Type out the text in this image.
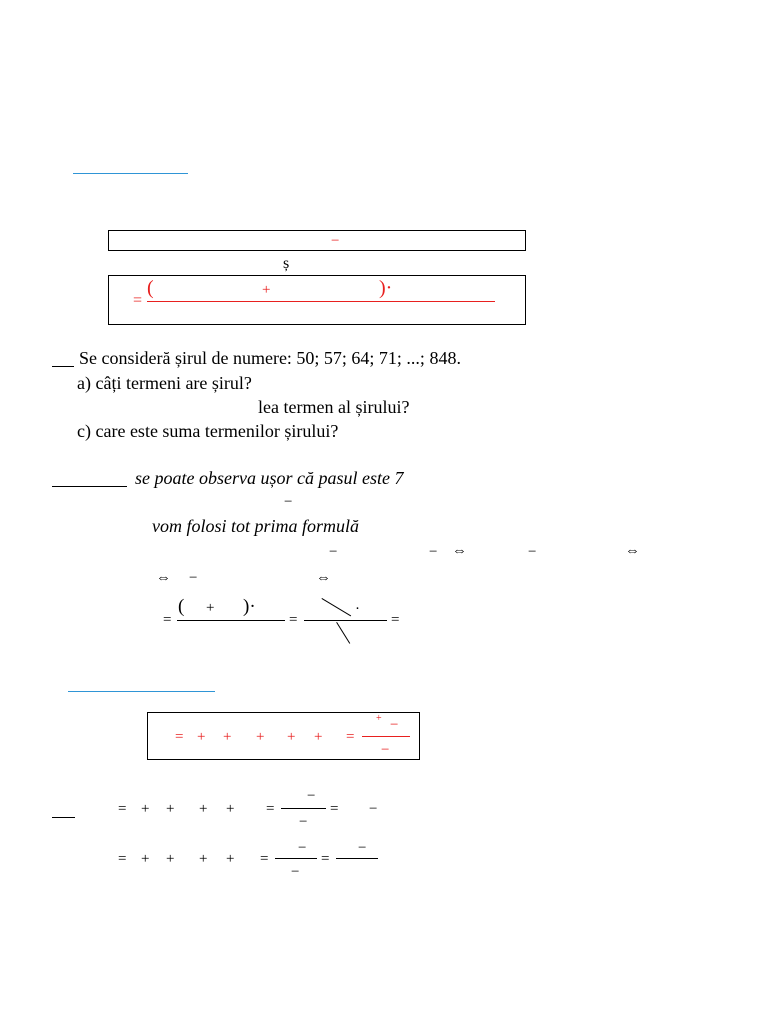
−
ș
=
(	+	)·
Se consideră șirul de numere: 50; 57; 64; 71; ...; 848.
a) câți termeni are șirul?
lea termen al șirului?
c) care este suma termenilor șirului?
se poate observa ușor că pasul este 7
−
vom folosi tot prima formulă
−	− ⇔	−	⇔
⇔ −	⇔
=
( + )·
=
·
=
= + + + + + =
+ −
−
= + + + + =
−
−
= −
= + + + + =
−
−
=
−
